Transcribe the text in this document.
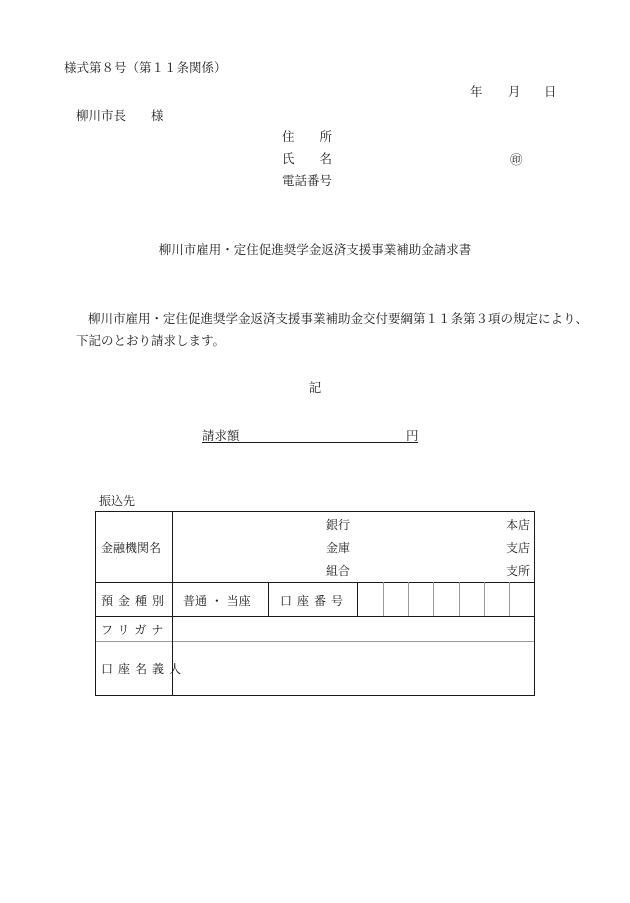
様式第８号（第１１条関係）
年 月 日
柳川市長　　様
住　　所
氏　　名
電話番号
㊞
柳川市雇用・定住促進奨学金返済支援事業補助金請求書
柳川市雇用・定住促進奨学金返済支援事業補助金交付要綱第１１条第３項の規定により、
下記のとおり請求します。
記
請求額	円
振込先
金融機関名
銀行
金庫
組合
本店
支店
支所
預金種別 普通 ・ 当座 口座番号
フリガナ
口座名義人
